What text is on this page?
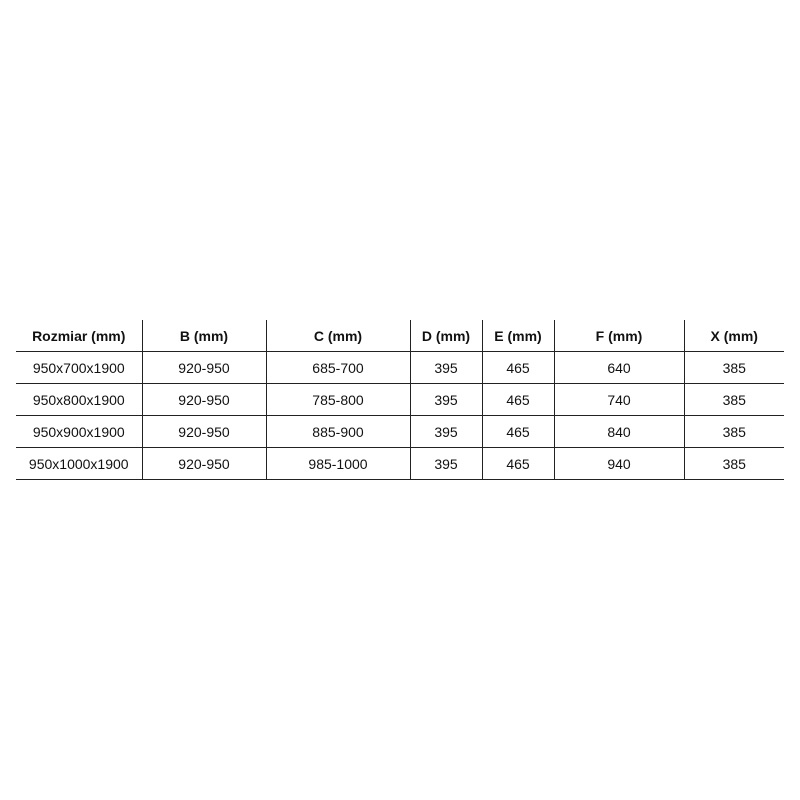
Rozmiar (mm)	B (mm)	C (mm)	D (mm)	E (mm)	F (mm)	X (mm)
950x700x1900	920-950	685-700	395	465	640	385
950x800x1900	920-950	785-800	395	465	740	385
950x900x1900	920-950	885-900	395	465	840	385
950x1000x1900	920-950	985-1000	395	465	940	385
